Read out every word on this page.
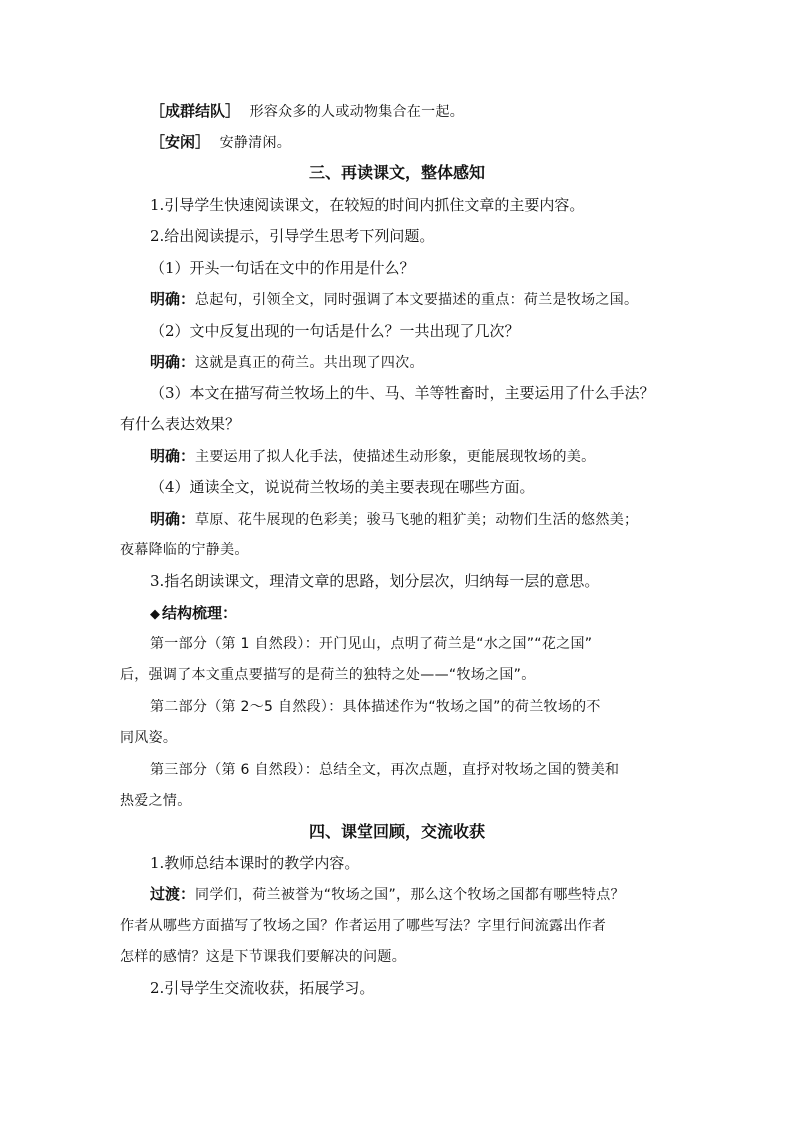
［成群结队］ 形容众多的人或动物集合在一起。
［安闲］ 安静清闲。
三、再读课文，整体感知
1.引导学生快速阅读课文，在较短的时间内抓住文章的主要内容。
2.给出阅读提示，引导学生思考下列问题。
（1）开头一句话在文中的作用是什么？
明确：总起句，引领全文，同时强调了本文要描述的重点：荷兰是牧场之国。
（2）文中反复出现的一句话是什么？一共出现了几次？
明确：这就是真正的荷兰。共出现了四次。
（3）本文在描写荷兰牧场上的牛、马、羊等牲畜时，主要运用了什么手法？
有什么表达效果？
明确：主要运用了拟人化手法，使描述生动形象，更能展现牧场的美。
（4）通读全文，说说荷兰牧场的美主要表现在哪些方面。
明确：草原、花牛展现的色彩美；骏马飞驰的粗犷美；动物们生活的悠然美；
夜幕降临的宁静美。
3.指名朗读课文，理清文章的思路，划分层次，归纳每一层的意思。
◆ 结构梳理：
第一部分（第 1 自然段）：开门见山，点明了荷兰是“水之国”“花之国”
后，强调了本文重点要描写的是荷兰的独特之处——“牧场之国”。
第二部分（第 2～5 自然段）：具体描述作为“牧场之国”的荷兰牧场的不
同风姿。
第三部分（第 6 自然段）：总结全文，再次点题，直抒对牧场之国的赞美和
热爱之情。
四、课堂回顾，交流收获
1.教师总结本课时的教学内容。
过渡：同学们，荷兰被誉为“牧场之国”，那么这个牧场之国都有哪些特点？
作者从哪些方面描写了牧场之国？作者运用了哪些写法？字里行间流露出作者
怎样的感情？这是下节课我们要解决的问题。
2.引导学生交流收获，拓展学习。
